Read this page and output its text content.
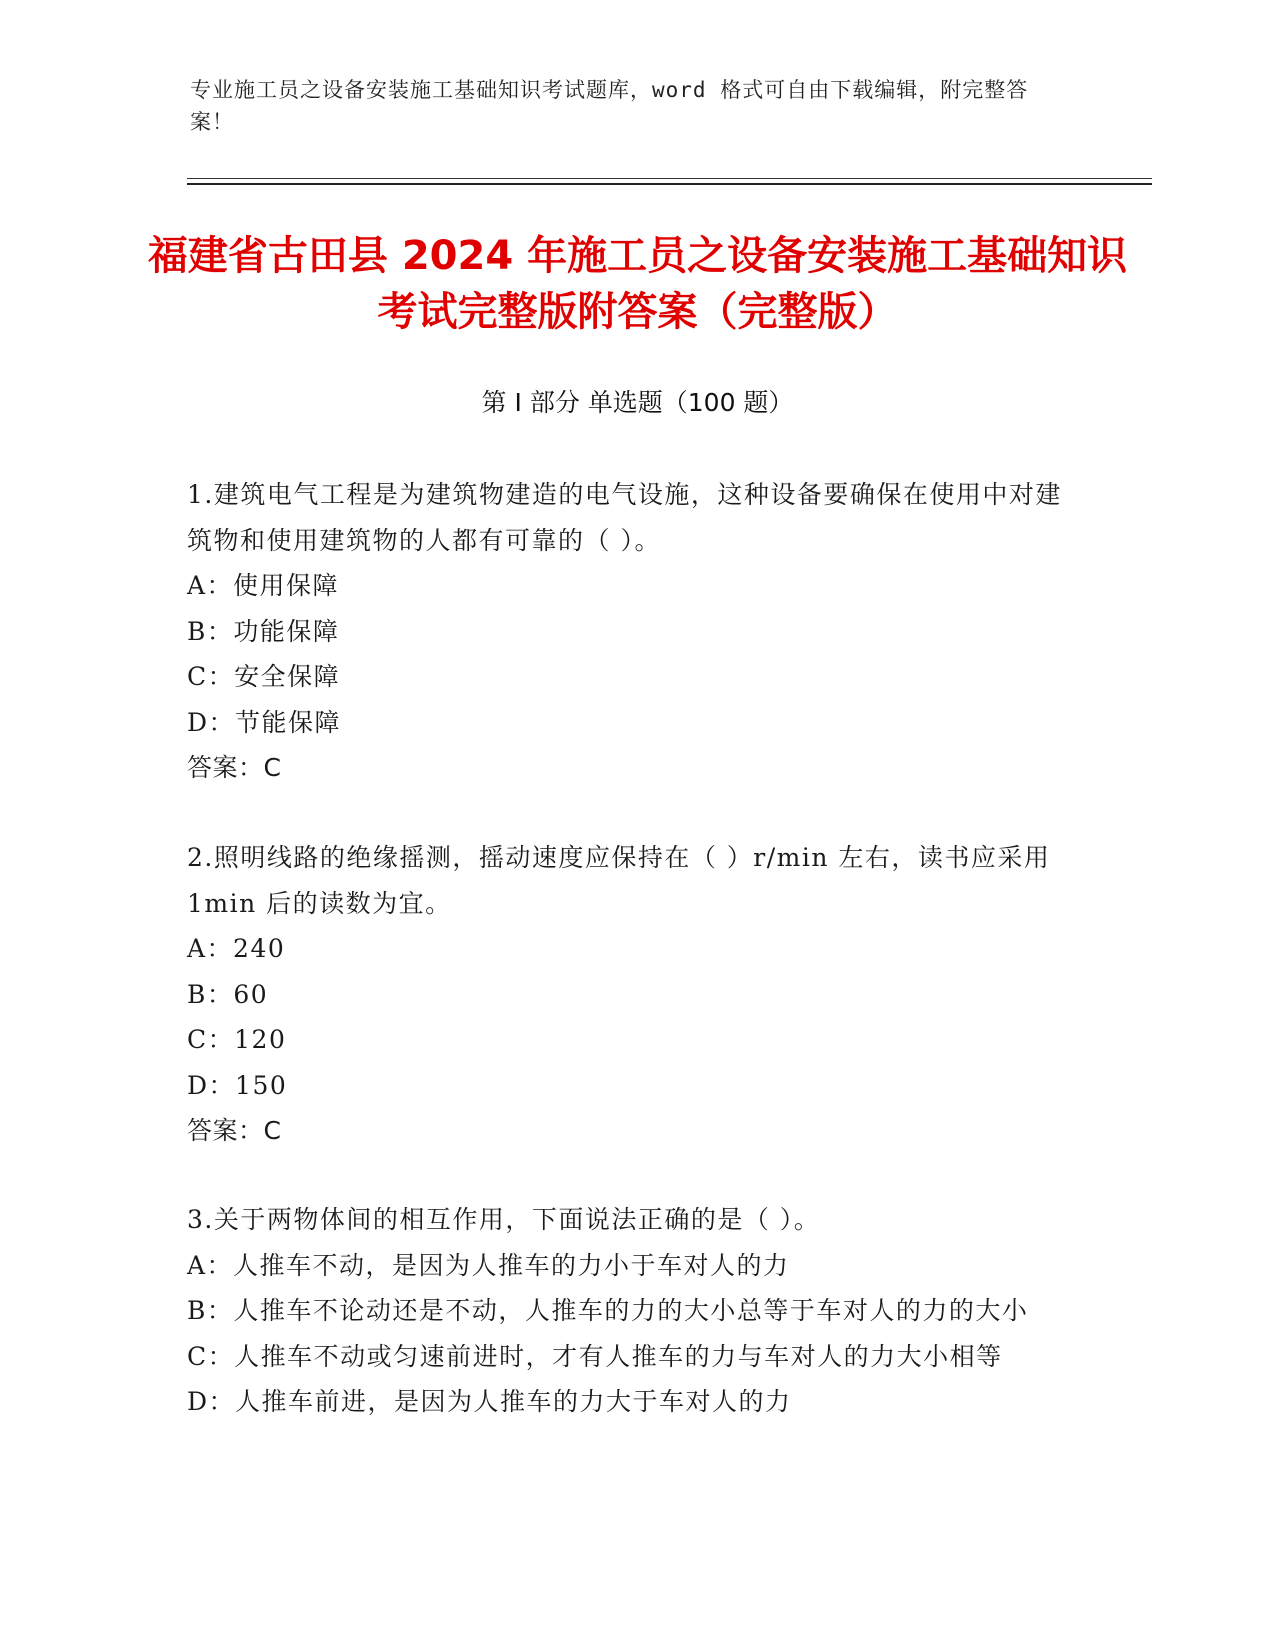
专业施工员之设备安装施工基础知识考试题库，word 格式可自由下载编辑，附完整答案！
福建省古田县 2024 年施工员之设备安装施工基础知识考试完整版附答案（完整版）
第 I 部分 单选题（100 题）
1.建筑电气工程是为建筑物建造的电气设施，这种设备要确保在使用中对建筑物和使用建筑物的人都有可靠的（ ）。
A：使用保障
B：功能保障
C：安全保障
D：节能保障
答案：C
2.照明线路的绝缘摇测，摇动速度应保持在（ ）r/min 左右，读书应采用 1min 后的读数为宜。
A：240
B：60
C：120
D：150
答案：C
3.关于两物体间的相互作用，下面说法正确的是（ ）。
A：人推车不动，是因为人推车的力小于车对人的力
B：人推车不论动还是不动，人推车的力的大小总等于车对人的力的大小
C：人推车不动或匀速前进时，才有人推车的力与车对人的力大小相等
D：人推车前进，是因为人推车的力大于车对人的力
